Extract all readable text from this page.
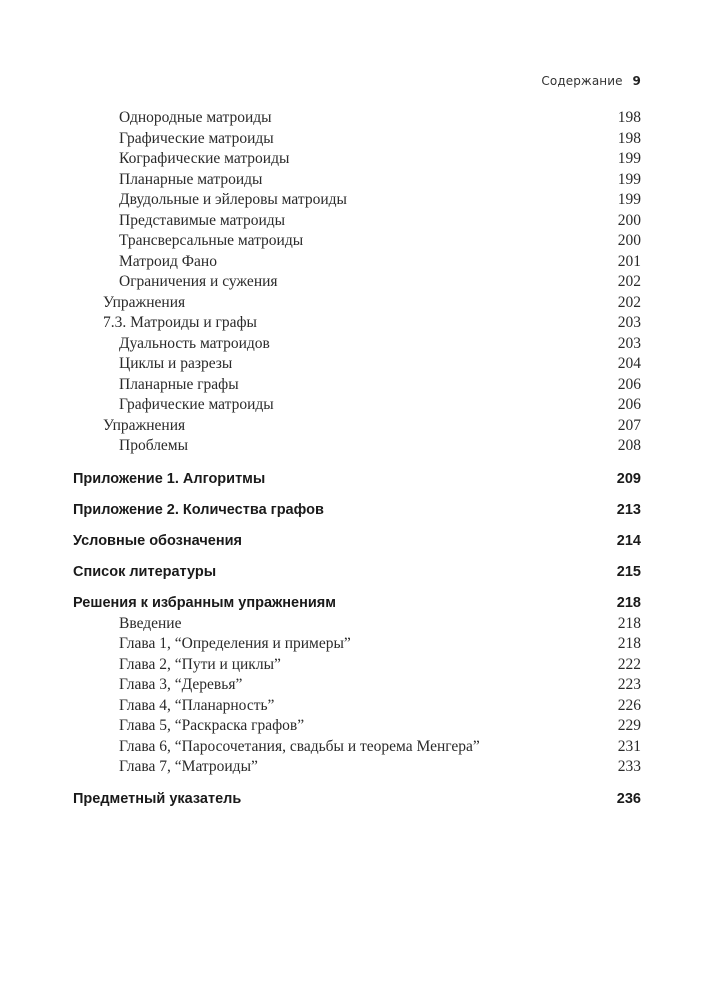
Содержание 9
Однородные матроиды	198
Графические матроиды	198
Кографические матроиды	199
Планарные матроиды	199
Двудольные и эйлеровы матроиды	199
Представимые матроиды	200
Трансверсальные матроиды	200
Матроид Фано	201
Ограничения и сужения	202
Упражнения	202
7.3. Матроиды и графы	203
Дуальность матроидов	203
Циклы и разрезы	204
Планарные графы	206
Графические матроиды	206
Упражнения	207
Проблемы	208
Приложение 1. Алгоритмы	209
Приложение 2. Количества графов	213
Условные обозначения	214
Список литературы	215
Решения к избранным упражнениям	218
Введение	218
Глава 1, “Определения и примеры”	218
Глава 2, “Пути и циклы”	222
Глава 3, “Деревья”	223
Глава 4, “Планарность”	226
Глава 5, “Раскраска графов”	229
Глава 6, “Паросочетания, свадьбы и теорема Менгера”	231
Глава 7, “Матроиды”	233
Предметный указатель	236
